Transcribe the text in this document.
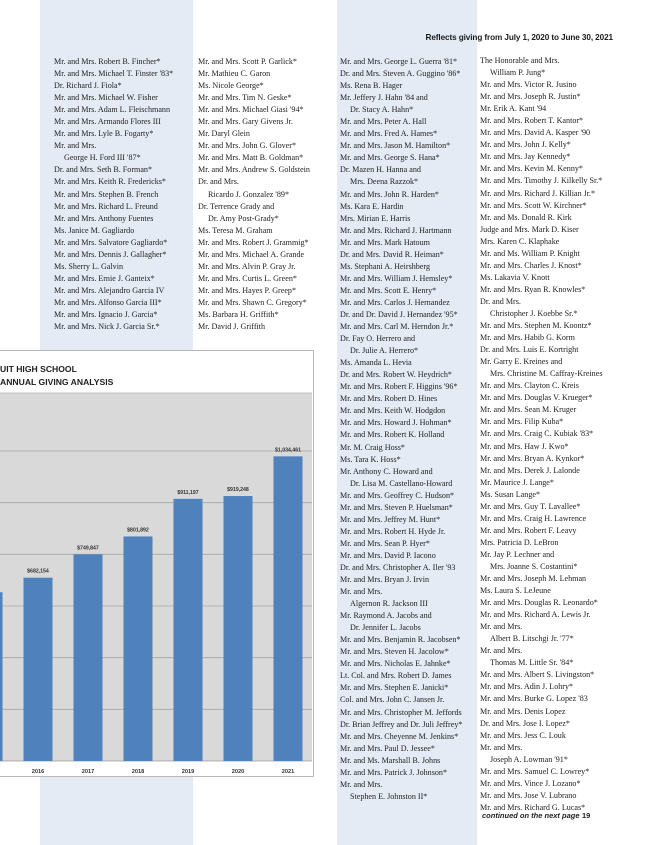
Reflects giving from July 1, 2020 to June 30, 2021
Mr. and Mrs. Robert B. Fincher*
Mr. and Mrs. Michael T. Finster '83*
Dr. Richard J. Fiola*
Mr. and Mrs. Michael W. Fisher
Mr. and Mrs. Adam L. Fleischmann
Mr. and Mrs. Armando Flores III
Mr. and Mrs. Lyle B. Fogarty*
Mr. and Mrs.
George H. Ford III '87*
Dr. and Mrs. Seth B. Forman*
Mr. and Mrs. Keith R. Fredericks*
Mr. and Mrs. Stephen B. French
Mr. and Mrs. Richard L. Freund
Mr. and Mrs. Anthony Fuentes
Ms. Janice M. Gagliardo
Mr. and Mrs. Salvatore Gagliardo*
Mr. and Mrs. Dennis J. Gallagher*
Ms. Sherry L. Galvin
Mr. and Mrs. Ernie J. Ganteix*
Mr. and Mrs. Alejandro Garcia IV
Mr. and Mrs. Alfonso Garcia III*
Mr. and Mrs. Ignacio J. Garcia*
Mr. and Mrs. Nick J. Garcia Sr.*
Mr. and Mrs. Scott P. Garlick*
Mr. Mathieu C. Garon
Ms. Nicole George*
Mr. and Mrs. Tim N. Geske*
Mr. and Mrs. Michael Giasi '94*
Mr. and Mrs. Gary Givens Jr.
Mr. Daryl Glein
Mr. and Mrs. John G. Glover*
Mr. and Mrs. Matt B. Goldman*
Mr. and Mrs. Andrew S. Goldstein
Dr. and Mrs.
Ricardo J. Gonzalez '89*
Dr. Terrence Grady and
Dr. Amy Post-Grady*
Ms. Teresa M. Graham
Mr. and Mrs. Robert J. Grammig*
Mr. and Mrs. Michael A. Grande
Mr. and Mrs. Alvin P. Gray Jr.
Mr. and Mrs. Curtis L. Green*
Mr. and Mrs. Hayes P. Greep*
Mr. and Mrs. Shawn C. Gregory*
Ms. Barbara H. Griffith*
Mr. David J. Griffith
Mr. and Mrs. George L. Guerra '81*
Dr. and Mrs. Steven A. Guggino '86*
Ms. Rena B. Hager
Mr. Jeffery J. Hahn '84 and
Dr. Stacy A. Hahn*
Mr. and Mrs. Peter A. Hall
Mr. and Mrs. Fred A. Hames*
Mr. and Mrs. Jason M. Hamilton*
Mr. and Mrs. George S. Hana*
Dr. Mazen H. Hanna and
Mrs. Deena Razzok*
Mr. and Mrs. John R. Harden*
Ms. Kara E. Hardin
Mrs. Mirian E. Harris
Mr. and Mrs. Richard J. Hartmann
Mr. and Mrs. Mark Hatoum
Dr. and Mrs. David R. Heiman*
Ms. Stephani A. Heirshberg
Mr. and Mrs. William J. Hemsley*
Mr. and Mrs. Scott E. Henry*
Mr. and Mrs. Carlos J. Hernandez
Dr. and Dr. David J. Hernandez '95*
Mr. and Mrs. Carl M. Herndon Jr.*
Dr. Fay O. Herrero and
Dr. Julie A. Herrero*
Ms. Amanda L. Hevia
Dr. and Mrs. Robert W. Heydrich*
Mr. and Mrs. Robert F. Higgins '96*
Mr. and Mrs. Robert D. Hines
Mr. and Mrs. Keith W. Hodgdon
Mr. and Mrs. Howard J. Hohman*
Mr. and Mrs. Robert K. Holland
Mr. M. Craig Hoss*
Ms. Tara K. Hoss*
Mr. Anthony C. Howard and
Dr. Lisa M. Castellano-Howard
Mr. and Mrs. Geoffrey C. Hudson*
Mr. and Mrs. Steven P. Huelsman*
Mr. and Mrs. Jeffrey M. Hunt*
Mr. and Mrs. Robert H. Hyde Jr.
Mr. and Mrs. Sean P. Hyer*
Mr. and Mrs. David P. Iacono
Dr. and Mrs. Christopher A. Iler '93
Mr. and Mrs. Bryan J. Irvin
Mr. and Mrs.
Algernon R. Jackson III
Mr. Raymond A. Jacobs and
Dr. Jennifer L. Jacobs
Mr. and Mrs. Benjamin R. Jacobsen*
Mr. and Mrs. Steven H. Jacolow*
Mr. and Mrs. Nicholas E. Jahnke*
Lt. Col. and Mrs. Robert D. James
Mr. and Mrs. Stephen E. Janicki*
Col. and Mrs. John C. Jansen Jr.
Mr. and Mrs. Christopher M. Jeffords
Dr. Brian Jeffrey and Dr. Juli Jeffrey*
Mr. and Mrs. Cheyenne M. Jenkins*
Mr. and Mrs. Paul D. Jessee*
Mr. and Ms. Marshall B. Johns
Mr. and Mrs. Patrick J. Johnson*
Mr. and Mrs.
Stephen E. Johnston II*
The Honorable and Mrs.
William P. Jung*
Mr. and Mrs. Victor R. Jusino
Mr. and Mrs. Joseph R. Justin*
Mr. Erik A. Kant '94
Mr. and Mrs. Robert T. Kantor*
Mr. and Mrs. David A. Kasper '90
Mr. and Mrs. John J. Kelly*
Mr. and Mrs. Jay Kennedy*
Mr. and Mrs. Kevin M. Kenny*
Mr. and Mrs. Timothy J. Kilkelly Sr.*
Mr. and Mrs. Richard J. Killian Jr.*
Mr. and Mrs. Scott W. Kirchner*
Mr. and Ms. Donald R. Kirk
Judge and Mrs. Mark D. Kiser
Mrs. Karen C. Klaphake
Mr. and Ms. William P. Knight
Mr. and Mrs. Charles J. Knost*
Ms. Lakavia V. Knott
Mr. and Mrs. Ryan R. Knowles*
Dr. and Mrs.
Christopher J. Koebbe Sr.*
Mr. and Mrs. Stephen M. Koontz*
Mr. and Mrs. Habib G. Korm
Dr. and Mrs. Luis E. Kortright
Mr. Garry E. Kreines and
Mrs. Christine M. Caffray-Kreines
Mr. and Mrs. Clayton C. Kreis
Mr. and Mrs. Douglas V. Krueger*
Mr. and Mrs. Sean M. Kruger
Mr. and Mrs. Filip Kuba*
Mr. and Mrs. Craig C. Kubiak '83*
Mr. and Mrs. Haw J. Kwo*
Mr. and Mrs. Bryan A. Kynkor*
Mr. and Mrs. Derek J. Lalonde
Mr. Maurice J. Lange*
Ms. Susan Lange*
Mr. and Mrs. Guy T. Lavallee*
Mr. and Mrs. Craig H. Lawrence
Mr. and Mrs. Robert F. Leavy
Mrs. Patricia D. LeBron
Mr. Jay P. Lechner and
Mrs. Joanne S. Costantini*
Mr. and Mrs. Joseph M. Lehman
Ms. Laura S. LeJeune
Mr. and Mrs. Douglas R. Leonardo*
Mr. and Mrs. Richard A. Lewis Jr.
Mr. and Mrs.
Albert B. Litschgi Jr. '77*
Mr. and Mrs.
Thomas M. Little Sr. '84*
Mr. and Mrs. Albert S. Livingston*
Mr. and Mrs. Adin J. Lohry*
Mr. and Mrs. Burke G. Lopez '83
Mr. and Mrs. Denis Lopez
Dr. and Mrs. Jose I. Lopez*
Mr. and Mrs. Jess C. Louk
Mr. and Mrs.
Joseph A. Lowman '91*
Mr. and Mrs. Samuel C. Lowrey*
Mr. and Mrs. Vince J. Lozano*
Mr. and Mrs. Jose V. Lubrano
Mr. and Mrs. Richard G. Lucas*
$682,154
2016
$749,847
2017
$801,892
2018
$911,197
2019
$919,248
2020
$1,034,461
2021
UIT HIGH SCHOOL
ANNUAL GIVING ANALYSIS
continued on the next page 19
